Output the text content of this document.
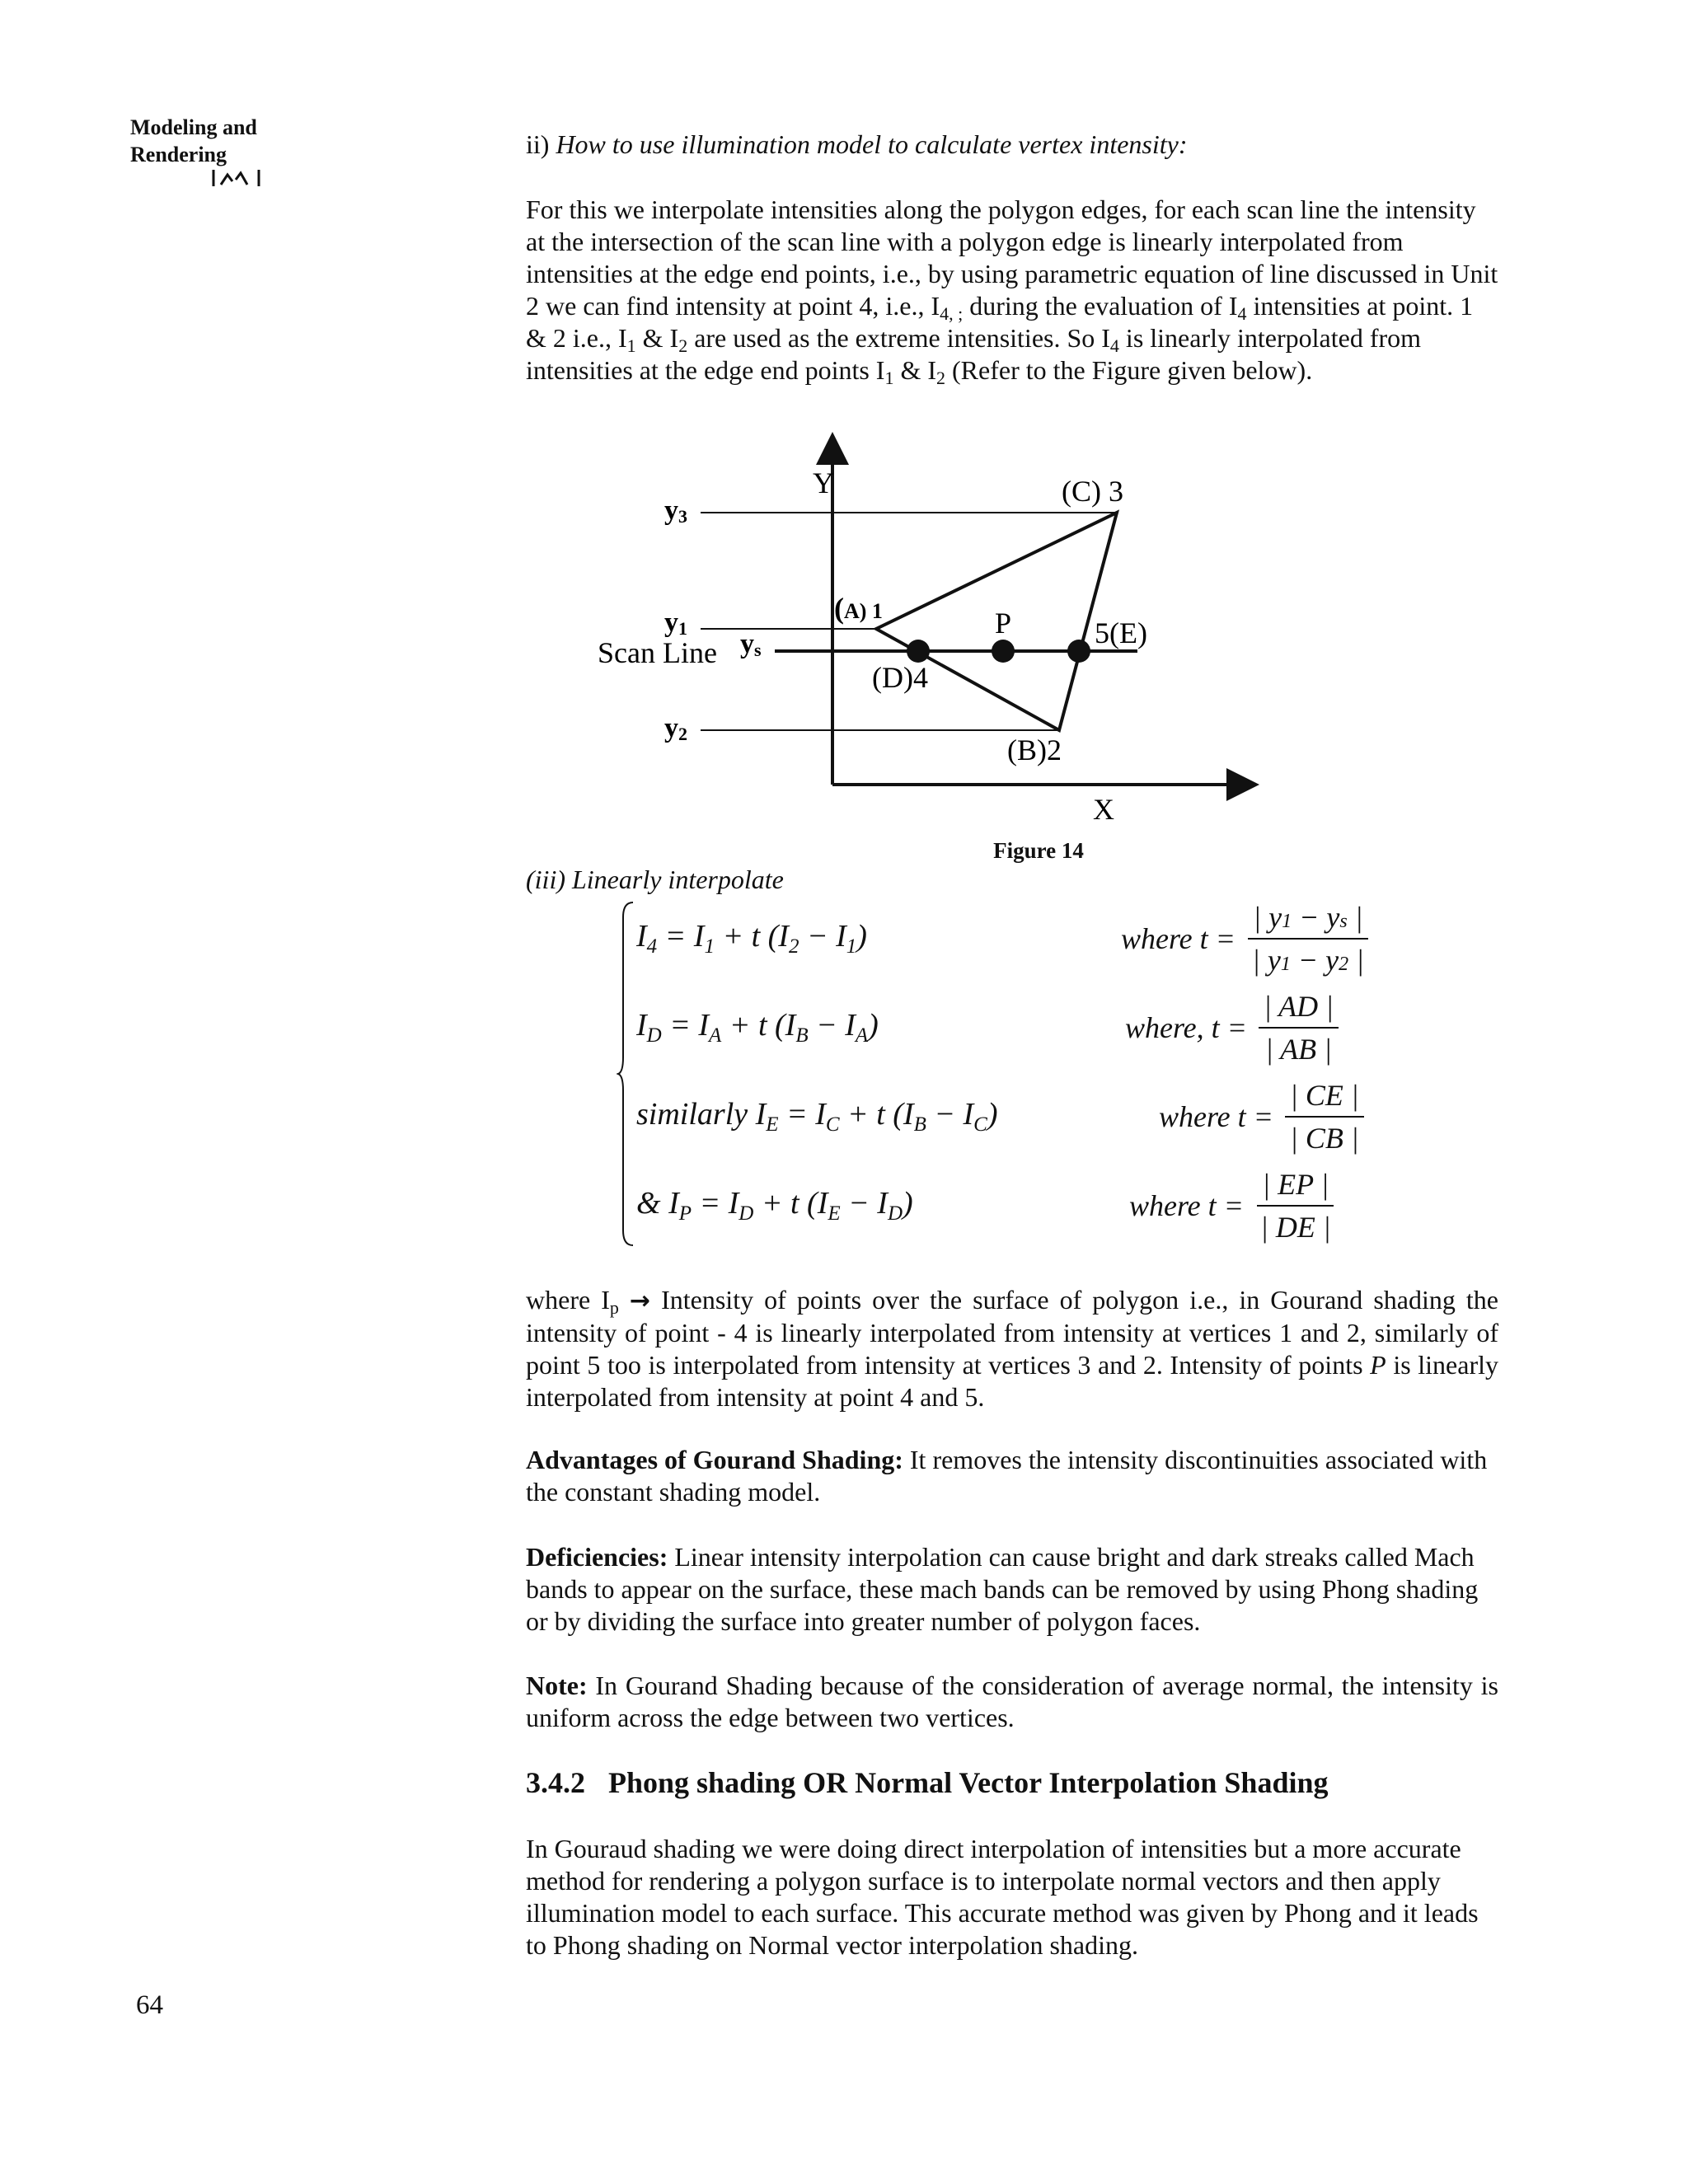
Modeling and
Rendering
64
ii) How to use illumination model to calculate vertex intensity:
For this we interpolate intensities along the polygon edges, for each scan line the intensity at the intersection of the scan line with a polygon edge is linearly interpolated from intensities at the edge end points, i.e., by using parametric equation of line discussed in Unit 2 we can find intensity at point 4, i.e., $I_{4, ;}$ during the evaluation of $I_4$ intensities at point. 1 & 2 i.e., $I_1$ & $I_2$ are used as the extreme intensities. So $I_4$ is linearly interpolated from intensities at the edge end points $I_1$ & $I_2$ (Refer to the Figure given below).
Y
X
y3
y1
Scan Line ys
y2
(C) 3
(A) 1	P	5(E)
(D)4
(B)2
Figure 14
(iii) Linearly interpolate
$I_4 = I_1 + t$ $(I_2 - I_1)$
$I_D = I_A + t$ $(I_B - I_A)$
similarly $I_E = I_C + t$ $(I_B - I_C)$
& $I_P = I_D + t$ $(I_E - I_D)$
where $t = \frac{| y1 - ys |}{| y1 - y2 |}$
where, $t = \frac{| AD |}{| AB |}$
where $t = \frac{| CE |}{| CB |}$
where $t = \frac{| EP |}{| DE |}$
where $I_p$ → Intensity of points over the surface of polygon i.e., in Gourand shading the intensity of point - 4 is linearly interpolated from intensity at vertices 1 and 2, similarly of point 5 too is interpolated from intensity at vertices 3 and 2. Intensity of points P is linearly interpolated from intensity at point 4 and 5.
Advantages of Gourand Shading: It removes the intensity discontinuities associated with the constant shading model.
Deficiencies: Linear intensity interpolation can cause bright and dark streaks called Mach bands to appear on the surface, these mach bands can be removed by using Phong shading or by dividing the surface into greater number of polygon faces.
Note: In Gourand Shading because of the consideration of average normal, the intensity is uniform across the edge between two vertices.
3.4.2 Phong shading OR Normal Vector Interpolation Shading
In Gouraud shading we were doing direct interpolation of intensities but a more accurate method for rendering a polygon surface is to interpolate normal vectors and then apply illumination model to each surface. This accurate method was given by Phong and it leads to Phong shading on Normal vector interpolation shading.
